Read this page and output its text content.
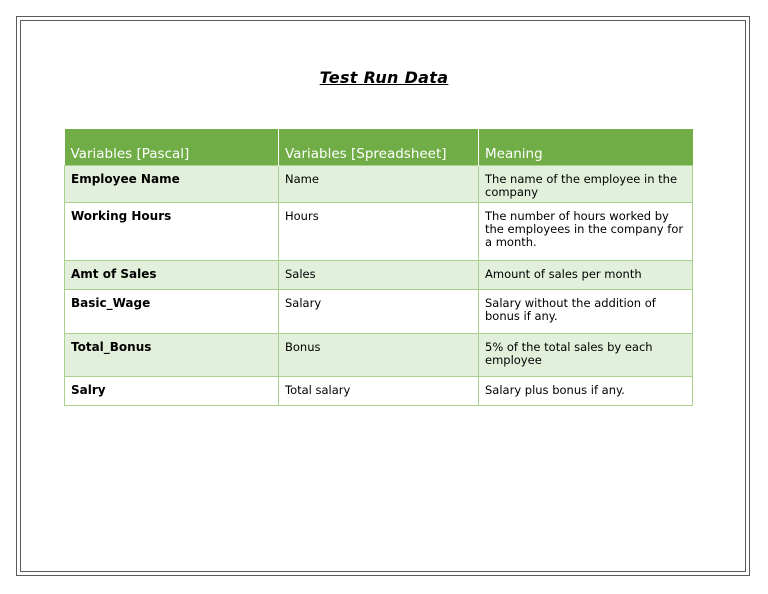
Test Run Data
Variables [Pascal]	Variables [Spreadsheet]	Meaning
Employee Name	Name	The name of the employee in the company
Working Hours	Hours	The number of hours worked by the employees in the company for a month.
Amt of Sales	Sales	Amount of sales per month
Basic_Wage	Salary	Salary without the addition of bonus if any.
Total_Bonus	Bonus	5% of the total sales by each employee
Salry	Total salary	Salary plus bonus if any.
